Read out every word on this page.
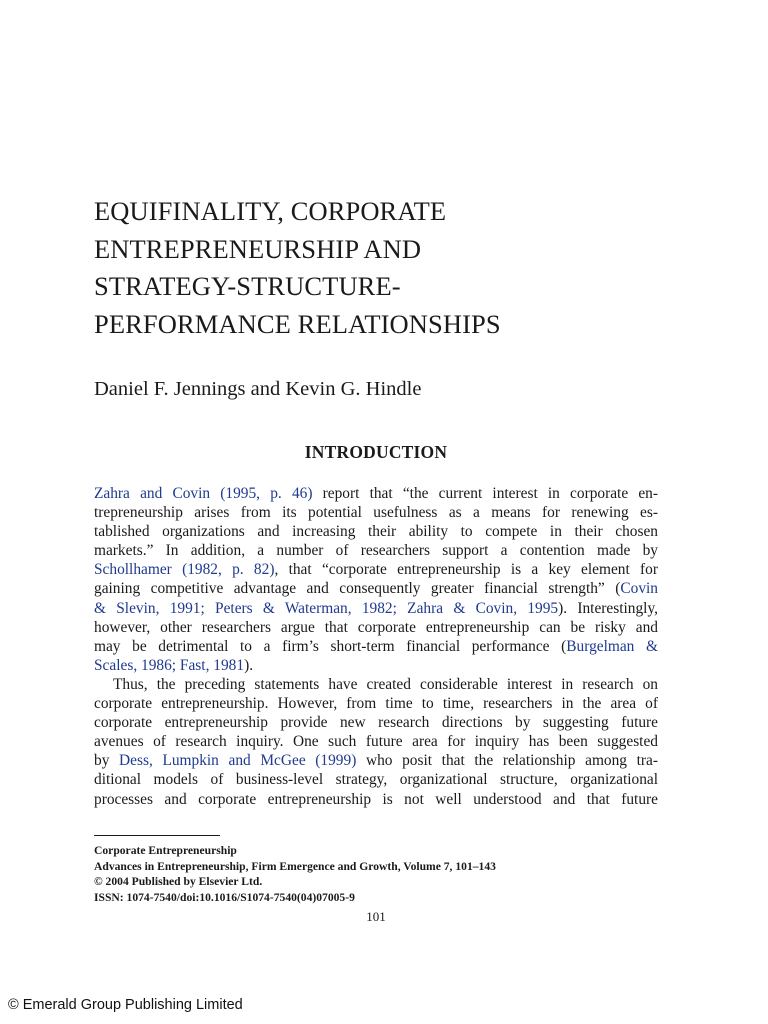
EQUIFINALITY, CORPORATE
ENTREPRENEURSHIP AND
STRATEGY-STRUCTURE-
PERFORMANCE RELATIONSHIPS
Daniel F. Jennings and Kevin G. Hindle
INTRODUCTION
Zahra and Covin (1995, p. 46) report that “the current interest in corporate en-
trepreneurship arises from its potential usefulness as a means for renewing es-
tablished organizations and increasing their ability to compete in their chosen
markets.” In addition, a number of researchers support a contention made by
Schollhamer (1982, p. 82), that “corporate entrepreneurship is a key element for
gaining competitive advantage and consequently greater financial strength” (Covin
& Slevin, 1991; Peters & Waterman, 1982; Zahra & Covin, 1995). Interestingly,
however, other researchers argue that corporate entrepreneurship can be risky and
may be detrimental to a firm’s short-term financial performance (Burgelman &
Scales, 1986; Fast, 1981).
Thus, the preceding statements have created considerable interest in research on
corporate entrepreneurship. However, from time to time, researchers in the area of
corporate entrepreneurship provide new research directions by suggesting future
avenues of research inquiry. One such future area for inquiry has been suggested
by Dess, Lumpkin and McGee (1999) who posit that the relationship among tra-
ditional models of business-level strategy, organizational structure, organizational
processes and corporate entrepreneurship is not well understood and that future
Corporate Entrepreneurship
Advances in Entrepreneurship, Firm Emergence and Growth, Volume 7, 101–143
© 2004 Published by Elsevier Ltd.
ISSN: 1074-7540/doi:10.1016/S1074-7540(04)07005-9
101
© Emerald Group Publishing Limited
